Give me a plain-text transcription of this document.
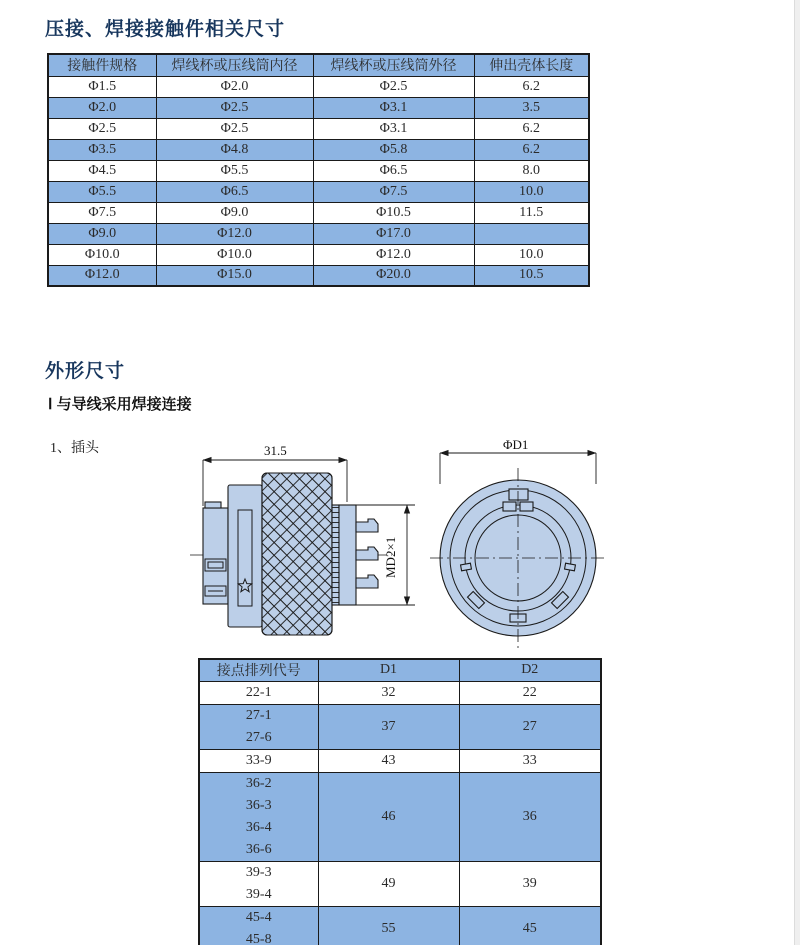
压接、焊接接触件相关尺寸
接触件规格	焊线杯或压线筒内径	焊线杯或压线筒外径	伸出壳体长度
Φ1.5	Φ2.0	Φ2.5	6.2
Φ2.0	Φ2.5	Φ3.1	3.5
Φ2.5	Φ2.5	Φ3.1	6.2
Φ3.5	Φ4.8	Φ5.8	6.2
Φ4.5	Φ5.5	Φ6.5	8.0
Φ5.5	Φ6.5	Φ7.5	10.0
Φ7.5	Φ9.0	Φ10.5	11.5
Φ9.0	Φ12.0	Φ17.0	
Φ10.0	Φ10.0	Φ12.0	10.0
Φ12.0	Φ15.0	Φ20.0	10.5
外形尺寸
Ⅰ 与导线采用焊接连接
1、插头	31.5
MD2×1
ΦD1
接点排列代号	D1	D2

22-1	32	22

27-1
27-6	37	27

33-9	43	33

36-2
36-3
36-4
36-6	46	36

39-3
39-4	49	39

45-4
45-8	55	45
